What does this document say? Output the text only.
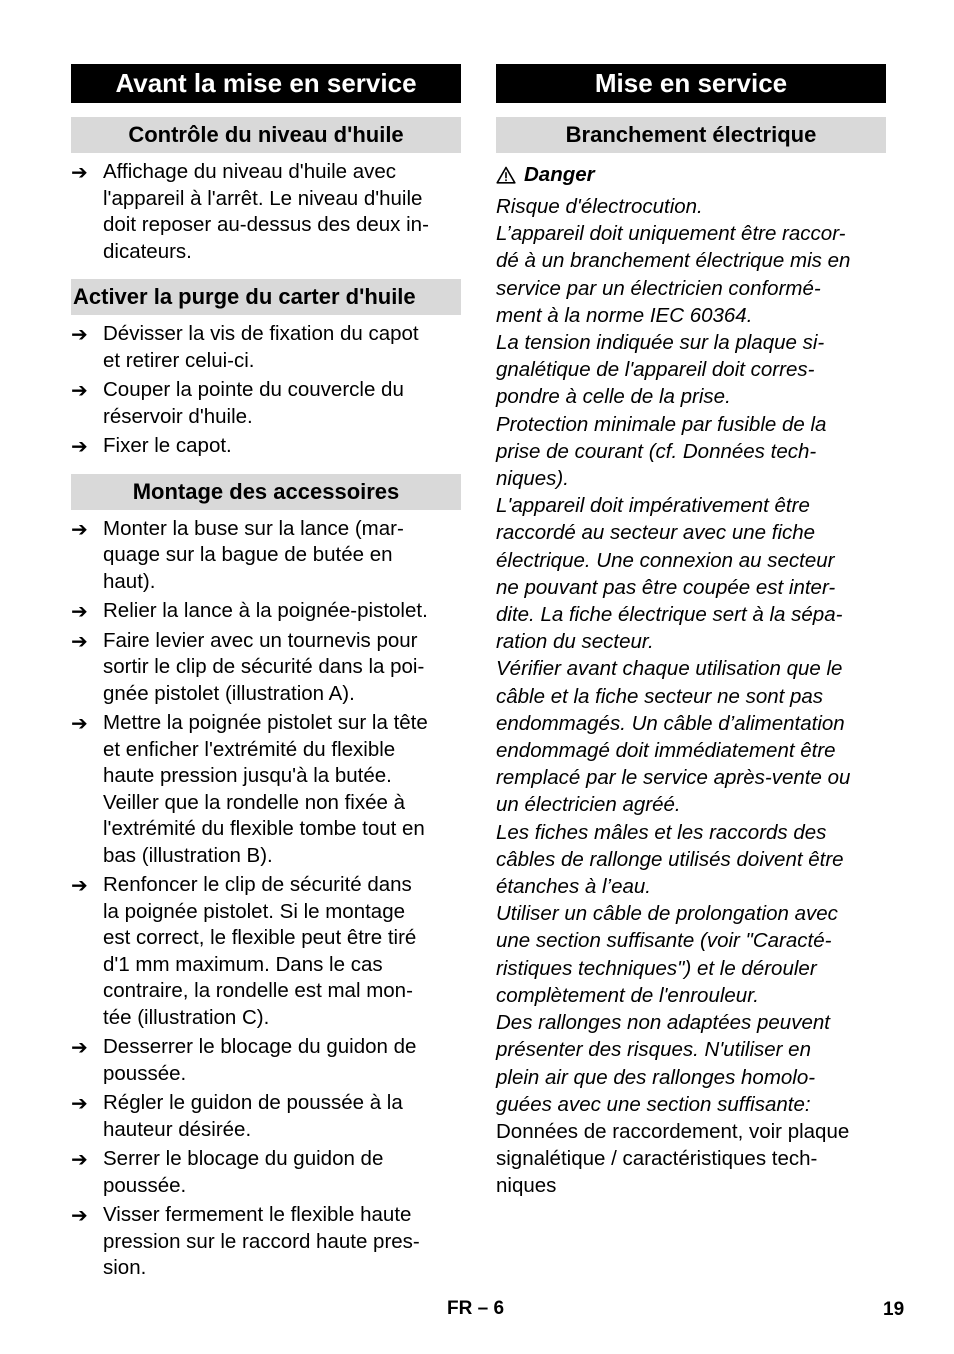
Avant la mise en service
Contrôle du niveau d'huile
➔ Affichage du niveau d'huile avec
l'appareil à l'arrêt. Le niveau d'huile
doit reposer au-dessus des deux in-
dicateurs.
Activer la purge du carter d'huile
➔ Dévisser la vis de fixation du capot
et retirer celui-ci.
➔ Couper la pointe du couvercle du
réservoir d'huile.
➔ Fixer le capot.
Montage des accessoires
➔ Monter la buse sur la lance (mar-
quage sur la bague de butée en
haut).
➔ Relier la lance à la poignée-pistolet.
➔ Faire levier avec un tournevis pour
sortir le clip de sécurité dans la poi-
gnée pistolet (illustration A).
➔ Mettre la poignée pistolet sur la tête
et enficher l'extrémité du flexible
haute pression jusqu'à la butée.
Veiller que la rondelle non fixée à
l'extrémité du flexible tombe tout en
bas (illustration B).
➔ Renfoncer le clip de sécurité dans
la poignée pistolet. Si le montage
est correct, le flexible peut être tiré
d'1 mm maximum. Dans le cas
contraire, la rondelle est mal mon-
tée (illustration C).
➔ Desserrer le blocage du guidon de
poussée.
➔ Régler le guidon de poussée à la
hauteur désirée.
➔ Serrer le blocage du guidon de
poussée.
➔ Visser fermement le flexible haute
pression sur le raccord haute pres-
sion.
Mise en service
Branchement électrique
Danger

Risque d'électrocution.

L’appareil doit uniquement être raccor-
dé à un branchement électrique mis en
service par un électricien conformé-
ment à la norme IEC 60364.

La tension indiquée sur la plaque si-
gnalétique de l'appareil doit corres-
pondre à celle de la prise.

Protection minimale par fusible de la
prise de courant (cf. Données tech-
niques).

L'appareil doit impérativement être
raccordé au secteur avec une fiche
électrique. Une connexion au secteur
ne pouvant pas être coupée est inter-
dite. La fiche électrique sert à la sépa-
ration du secteur.

Vérifier avant chaque utilisation que le
câble et la fiche secteur ne sont pas
endommagés. Un câble d’alimentation
endommagé doit immédiatement être
remplacé par le service après-vente ou
un électricien agréé.

Les fiches mâles et les raccords des
câbles de rallonge utilisés doivent être
étanches à l’eau.

Utiliser un câble de prolongation avec
une section suffisante (voir "Caracté-
ristiques techniques") et le dérouler
complètement de l'enrouleur.

Des rallonges non adaptées peuvent
présenter des risques. N'utiliser en
plein air que des rallonges homolo-
guées avec une section suffisante:

Données de raccordement, voir plaque
signalétique / caractéristiques tech-
niques

FR – 6	19
